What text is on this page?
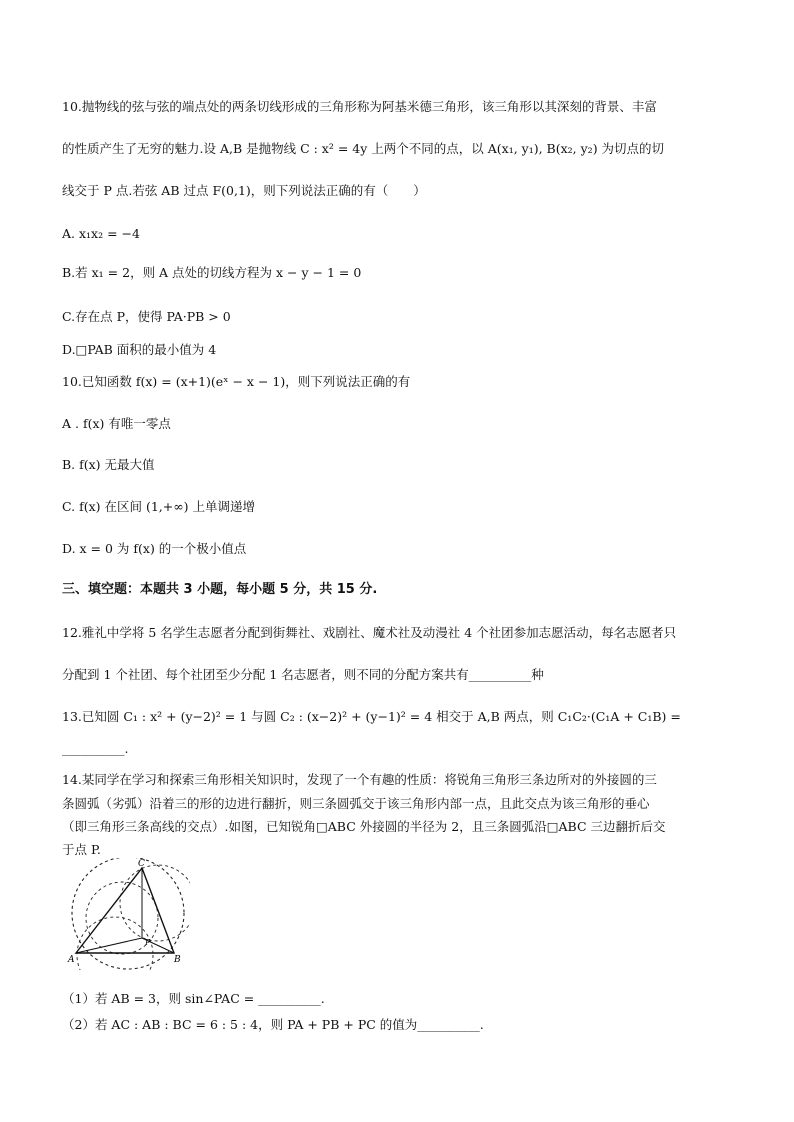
10.抛物线的弦与弦的端点处的两条切线形成的三角形称为阿基米德三角形，该三角形以其深刻的背景、丰富
的性质产生了无穷的魅力.设 A,B 是抛物线 C : x² = 4y 上两个不同的点，以 A(x₁, y₁), B(x₂, y₂) 为切点的切
线交于 P 点.若弦 AB 过点 F(0,1)，则下列说法正确的有（　　）
A. x₁x₂ = −4
B.若 x₁ = 2，则 A 点处的切线方程为 x − y − 1 = 0
C.存在点 P，使得 PA·PB > 0
D.□PAB 面积的最小值为 4
10.已知函数 f(x) = (x+1)(eˣ − x − 1)，则下列说法正确的有
A . f(x) 有唯一零点
B. f(x) 无最大值
C. f(x) 在区间 (1,+∞) 上单调递增
D. x = 0 为 f(x) 的一个极小值点
三、填空题：本题共 3 小题，每小题 5 分，共 15 分.
12.雅礼中学将 5 名学生志愿者分配到街舞社、戏剧社、魔术社及动漫社 4 个社团参加志愿活动，每名志愿者只
分配到 1 个社团、每个社团至少分配 1 名志愿者，则不同的分配方案共有__________种
13.已知圆 C₁ : x² + (y−2)² = 1 与圆 C₂ : (x−2)² + (y−1)² = 4 相交于 A,B 两点，则 C₁C₂·(C₁A + C₁B) =
__________.
14.某同学在学习和探索三角形相关知识时，发现了一个有趣的性质：将锐角三角形三条边所对的外接圆的三
条圆弧（劣弧）沿着三的形的边进行翻折，则三条圆弧交于该三角形内部一点，且此交点为该三角形的垂心
（即三角形三条高线的交点）.如图，已知锐角□ABC 外接圆的半径为 2，且三条圆弧沿□ABC 三边翻折后交
于点 P.
A	B
C
P
（1）若 AB = 3，则 sin∠PAC = __________.
（2）若 AC : AB : BC = 6 : 5 : 4，则 PA + PB + PC 的值为__________.
